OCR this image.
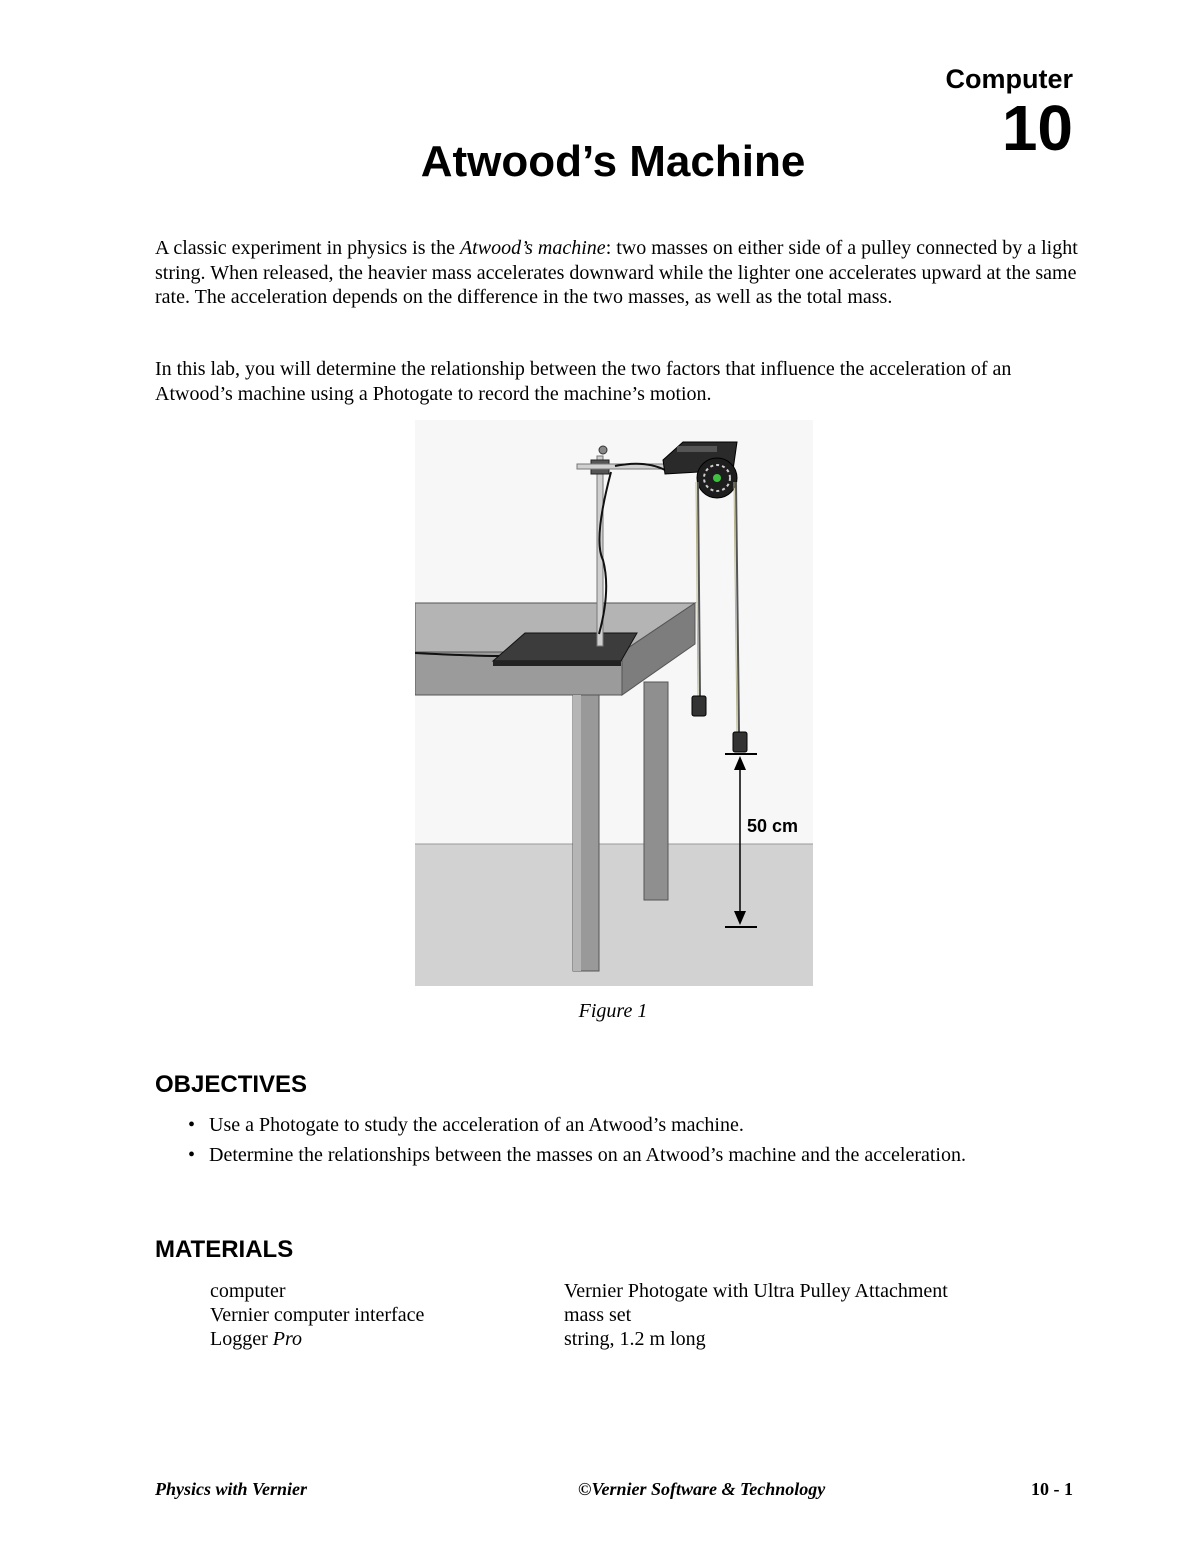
Computer
10
Atwood’s Machine

A classic experiment in physics is the Atwood’s machine: two masses on either side of a pulley connected by a light string. When released, the heavier mass accelerates downward while the lighter one accelerates upward at the same rate. The acceleration depends on the difference in the two masses, as well as the total mass.

In this lab, you will determine the relationship between the two factors that influence the acceleration of an Atwood’s machine using a Photogate to record the machine’s motion.

50 cm
Figure 1
OBJECTIVES
• Use a Photogate to study the acceleration of an Atwood’s machine.
• Determine the relationships between the masses on an Atwood’s machine and the acceleration.
MATERIALS
computer
Vernier computer interface
Logger Pro
Vernier Photogate with Ultra Pulley Attachment
mass set
string, 1.2 m long
Physics with Vernier	©Vernier Software & Technology	10 - 1
